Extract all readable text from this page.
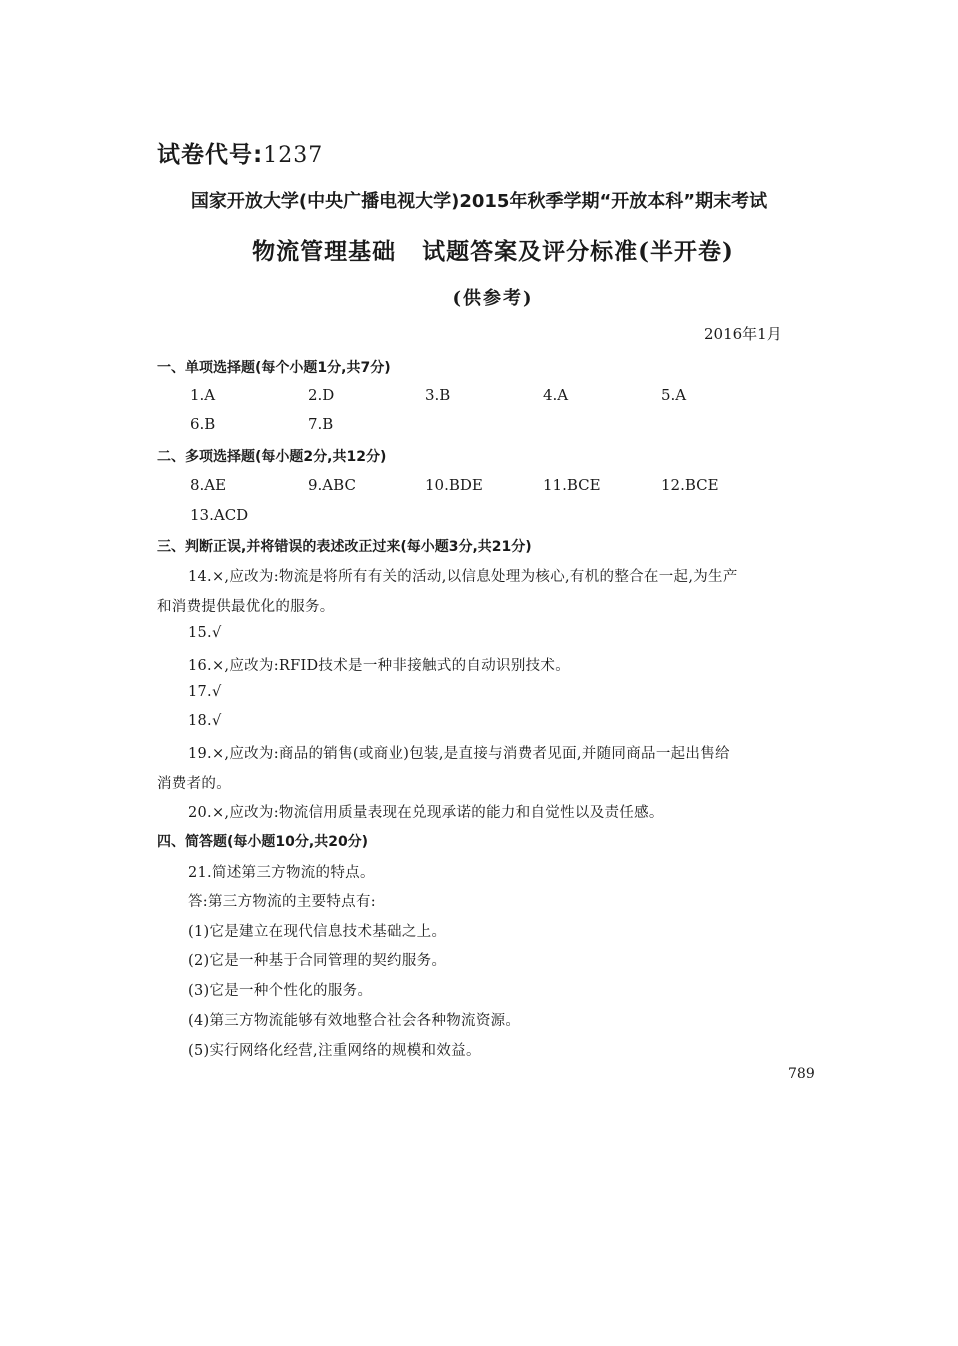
试卷代号:1237
国家开放大学(中央广播电视大学)2015年秋季学期“开放本科”期末考试
物流管理基础 试题答案及评分标准(半开卷)
(供参考)
2016年1月
一、单项选择题(每个小题1分,共7分)
1.A	2.D	3.B	4.A	5.A
6.B	7.B
二、多项选择题(每小题2分,共12分)
8.AE	9.ABC	10.BDE	11.BCE	12.BCE
13.ACD
三、判断正误,并将错误的表述改正过来(每小题3分,共21分)
14.×,应改为:物流是将所有有关的活动,以信息处理为核心,有机的整合在一起,为生产
和消费提供最优化的服务。
15.√
16.×,应改为:RFID技术是一种非接触式的自动识别技术。
17.√
18.√
19.×,应改为:商品的销售(或商业)包装,是直接与消费者见面,并随同商品一起出售给
消费者的。
20.×,应改为:物流信用质量表现在兑现承诺的能力和自觉性以及责任感。
四、简答题(每小题10分,共20分)
21.简述第三方物流的特点。
答:第三方物流的主要特点有:
(1)它是建立在现代信息技术基础之上。
(2)它是一种基于合同管理的契约服务。
(3)它是一种个性化的服务。
(4)第三方物流能够有效地整合社会各种物流资源。
(5)实行网络化经营,注重网络的规模和效益。
789
